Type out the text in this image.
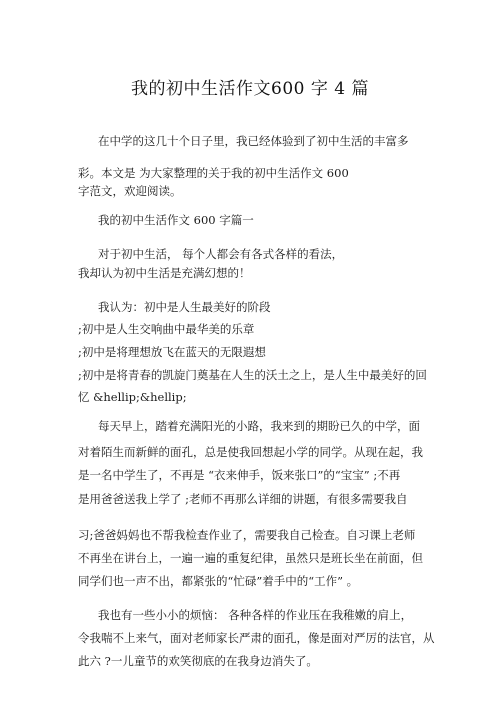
我的初中生活作文600 字 4 篇
在中学的这几十个日子里，我已经体验到了初中生活的丰富多
彩。本文是 为大家整理的关于我的初中生活作文 600
字范文，欢迎阅读。
我的初中生活作文 600 字篇一
对于初中生活， 每个人都会有各式各样的看法，
我却认为初中生活是充满幻想的！
我认为：初中是人生最美好的阶段
;初中是人生交响曲中最华美的乐章
;初中是将理想放飞在蓝天的无限遐想
;初中是将青春的凯旋门奠基在人生的沃土之上，是人生中最美好的回
忆 &hellip;&hellip;
每天早上，踏着充满阳光的小路，我来到的期盼已久的中学，面
对着陌生而新鲜的面孔，总是使我回想起小学的同学。从现在起，我
是一名中学生了，不再是 “衣来伸手，饭来张口”的“宝宝” ;不再
是用爸爸送我上学了 ;老师不再那么详细的讲题，有很多需要我自
习;爸爸妈妈也不帮我检查作业了，需要我自己检查。自习课上老师
不再坐在讲台上，一遍一遍的重复纪律，虽然只是班长坐在前面，但
同学们也一声不出，都紧张的“忙碌”着手中的“工作” 。
我也有一些小小的烦恼： 各种各样的作业压在我稚嫩的肩上，
令我喘不上来气，面对老师家长严肃的面孔，像是面对严厉的法官，从
此六 ?一儿童节的欢笑彻底的在我身边消失了。
